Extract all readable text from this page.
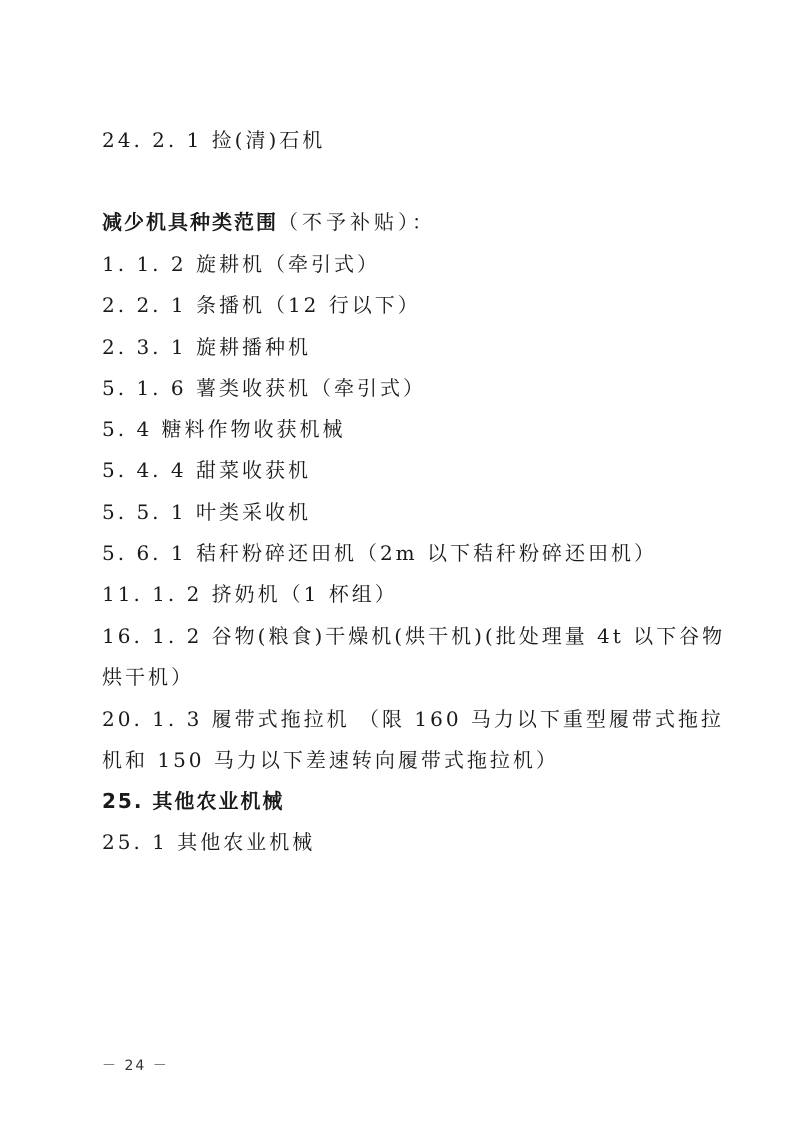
24. 2. 1 捡(清)石机
减少机具种类范围（不予补贴）：
1. 1. 2 旋耕机（牵引式）
2. 2. 1 条播机（12 行以下）
2. 3. 1 旋耕播种机
5. 1. 6 薯类收获机（牵引式）
5. 4 糖料作物收获机械
5. 4. 4 甜菜收获机
5. 5. 1 叶类采收机
5. 6. 1 秸秆粉碎还田机（2m 以下秸秆粉碎还田机）
11. 1. 2 挤奶机（1 杯组）
16. 1. 2 谷物(粮食)干燥机(烘干机)(批处理量 4t 以下谷物
烘干机）
20. 1. 3 履带式拖拉机 （限 160 马力以下重型履带式拖拉
机和 150 马力以下差速转向履带式拖拉机）
25. 其他农业机械
25. 1 其他农业机械
－ 24 －
